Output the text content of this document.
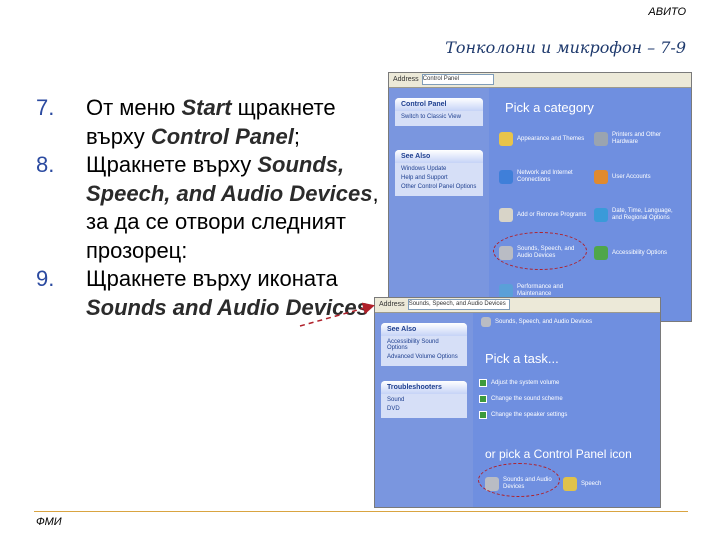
АВИТО
Тонколони и микрофон – 7-9
7.	От меню Start щракнете върху Control Panel;
8.	Щракнете върху Sounds, Speech, and Audio Devices, за да се отвори следният прозорец:
9.	Щракнете върху иконата Sounds and Audio Devices
Address Control Panel
Control Panel
Switch to Classic View
See Also
Windows Update
Help and Support
Other Control Panel Options
Pick a category
Appearance and Themes
Printers and Other Hardware
Network and Internet Connections
User Accounts
Add or Remove Programs
Date, Time, Language, and Regional Options
Sounds, Speech, and Audio Devices
Accessibility Options
Performance and Maintenance
Address Sounds, Speech, and Audio Devices
See Also
Accessibility Sound Options
Advanced Volume Options
Troubleshooters
Sound
DVD
Sounds, Speech, and Audio Devices
Pick a task...
Adjust the system volume
Change the sound scheme
Change the speaker settings
or pick a Control Panel icon
Sounds and Audio Devices
Speech
ФМИ
